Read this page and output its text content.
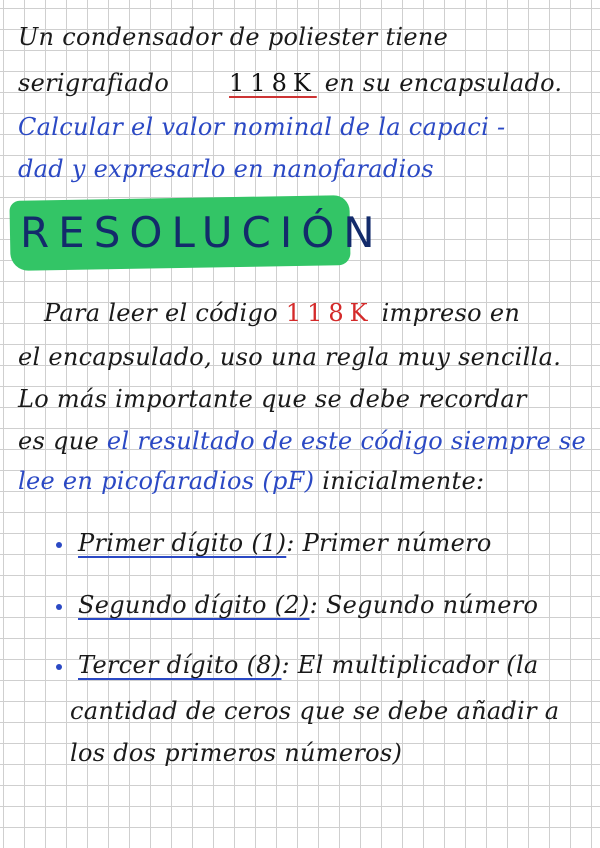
Un condensador de poliester tiene
serigrafiado 118K en su encapsulado.
Calcular el valor nominal de la capaci -
dad y expresarlo en nanofaradios
RESOLUCIÓN
Para leer el código 118K impreso en
el encapsulado, uso una regla muy sencilla.
Lo más importante que se debe recordar
es que el resultado de este código siempre se
lee en picofaradios (pF) inicialmente:
Primer dígito (1): Primer número
Segundo dígito (2): Segundo número
Tercer dígito (8): El multiplicador (la
cantidad de ceros que se debe añadir a
los dos primeros números)
